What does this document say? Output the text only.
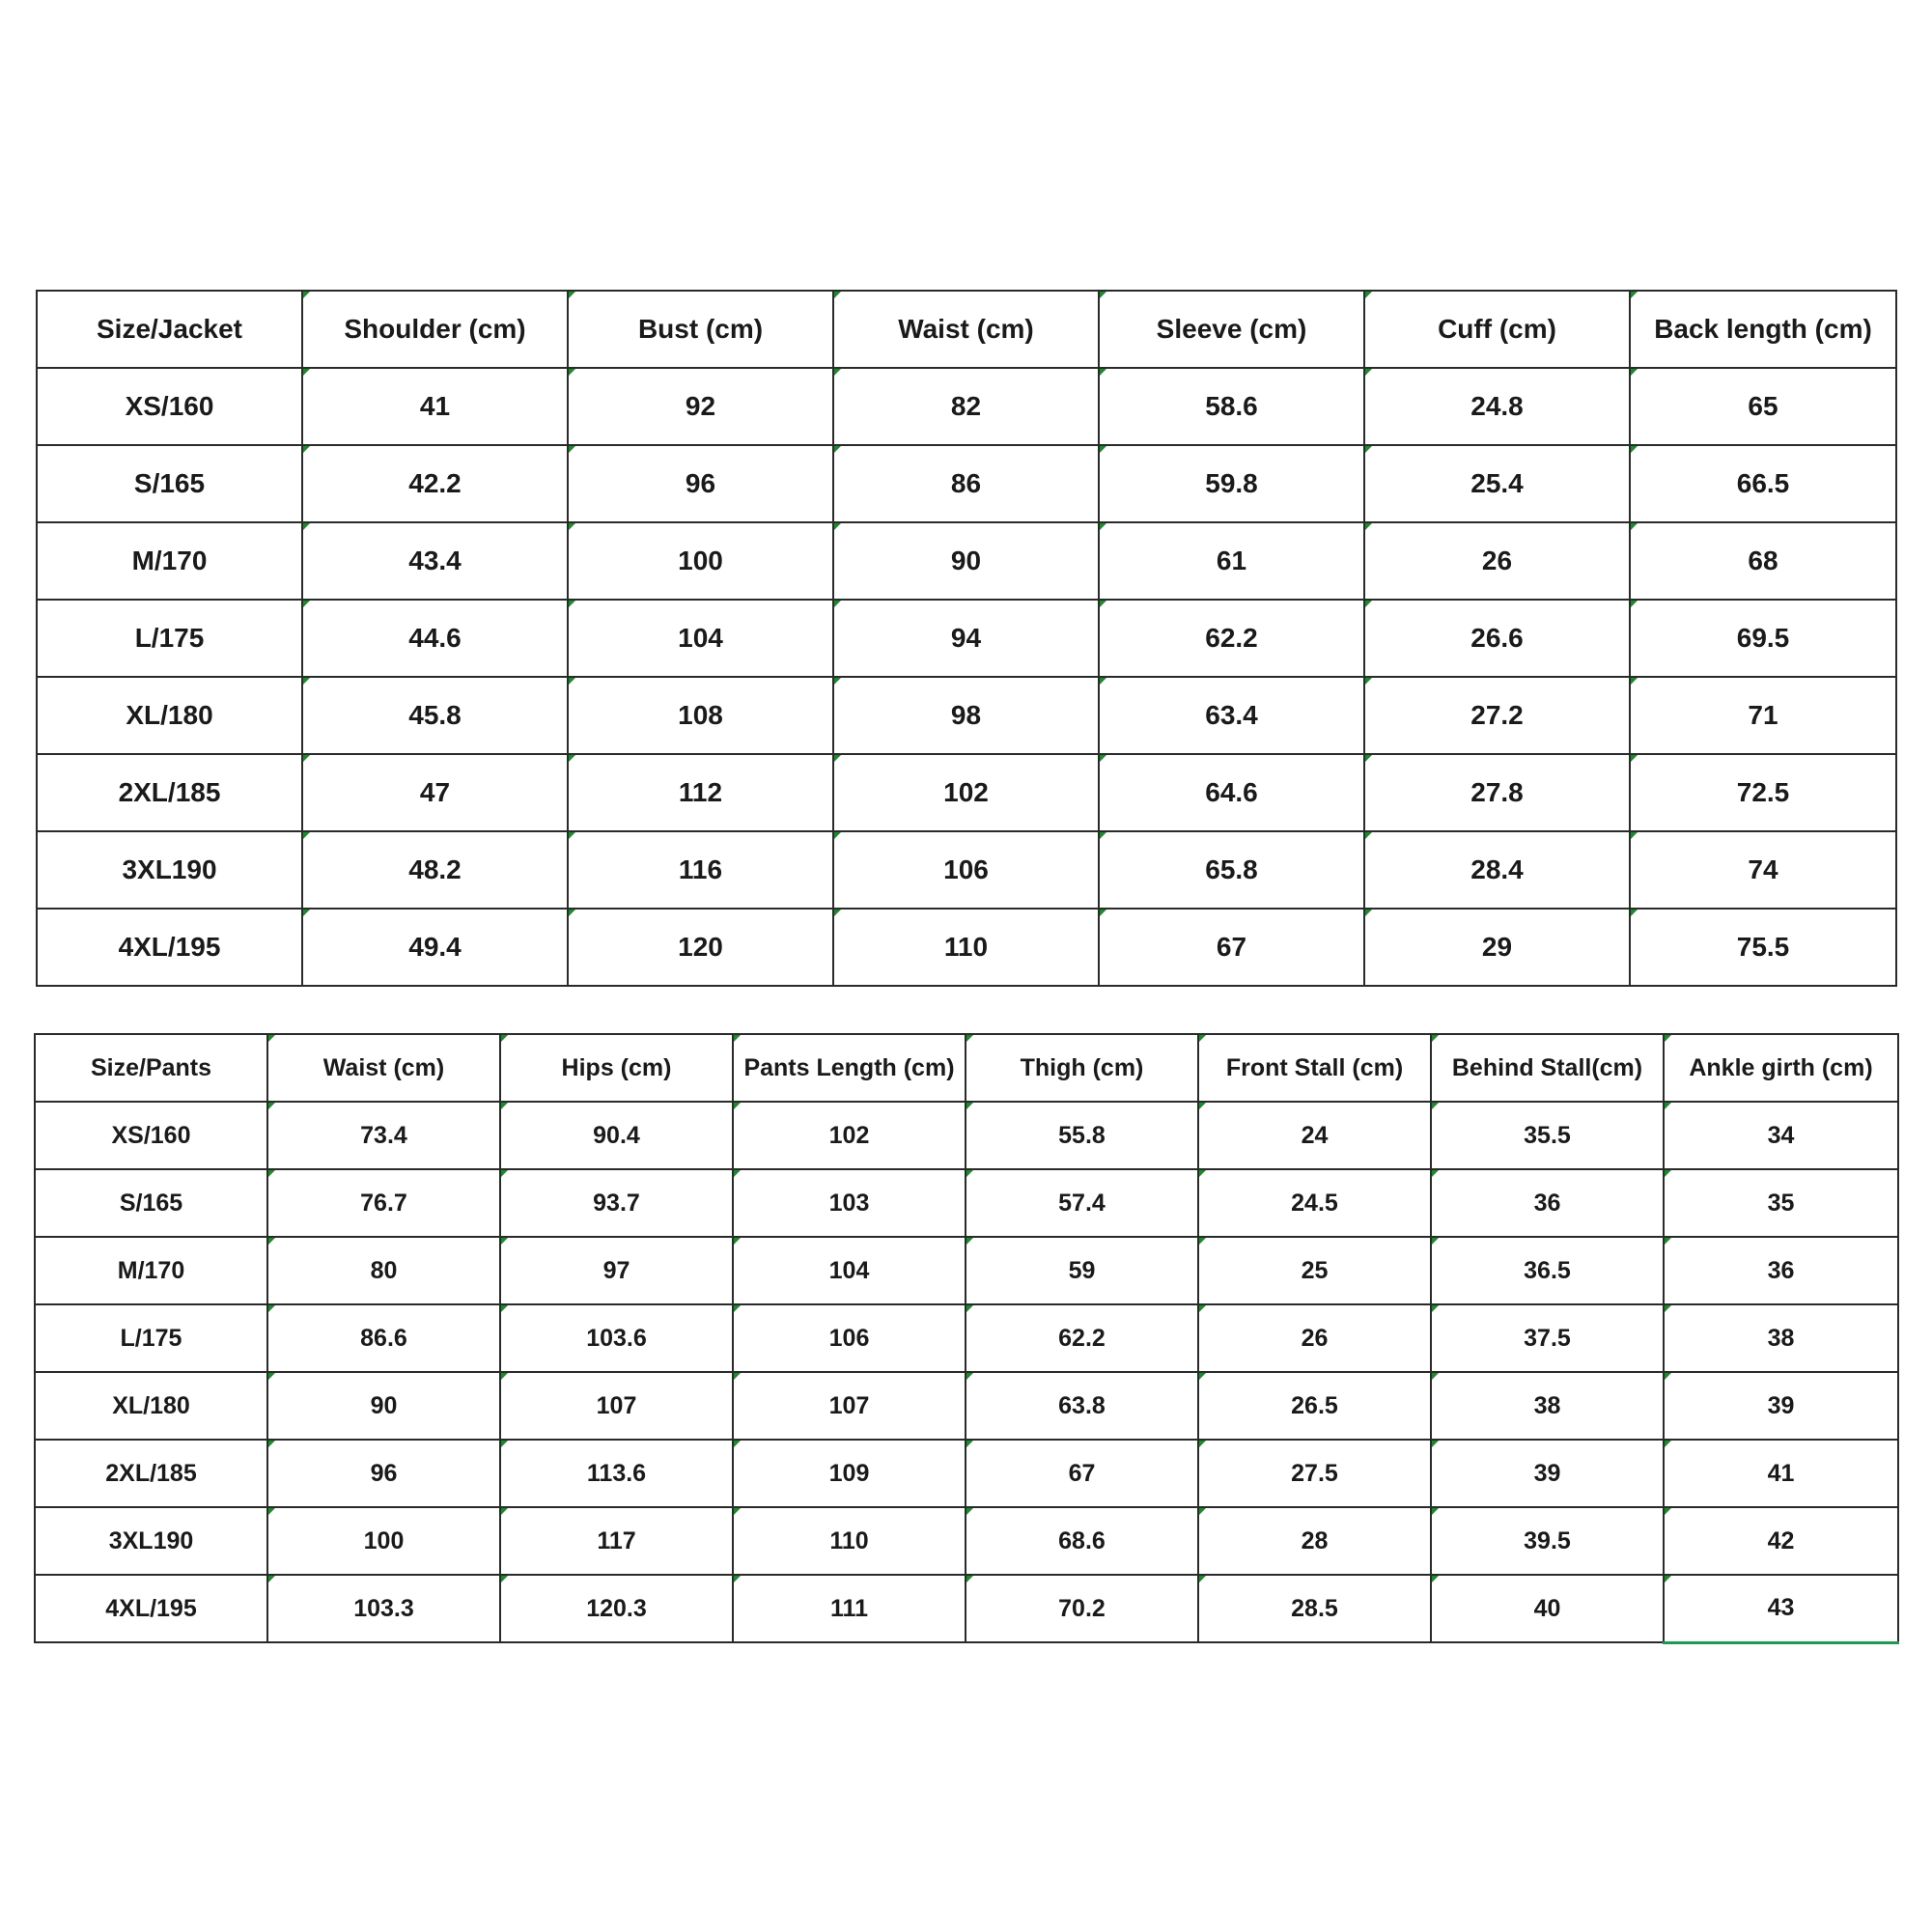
Size/Jacket	Shoulder (cm)	Bust (cm)	Waist (cm)	Sleeve (cm)	Cuff (cm)	Back length (cm)
XS/160	41	92	82	58.6	24.8	65
S/165	42.2	96	86	59.8	25.4	66.5
M/170	43.4	100	90	61	26	68
L/175	44.6	104	94	62.2	26.6	69.5
XL/180	45.8	108	98	63.4	27.2	71
2XL/185	47	112	102	64.6	27.8	72.5
3XL190	48.2	116	106	65.8	28.4	74
4XL/195	49.4	120	110	67	29	75.5
Size/Pants	Waist (cm)	Hips (cm)	Pants Length (cm)	Thigh (cm)	Front Stall (cm)	Behind Stall(cm)	Ankle girth (cm)
XS/160	73.4	90.4	102	55.8	24	35.5	34
S/165	76.7	93.7	103	57.4	24.5	36	35
M/170	80	97	104	59	25	36.5	36
L/175	86.6	103.6	106	62.2	26	37.5	38
XL/180	90	107	107	63.8	26.5	38	39
2XL/185	96	113.6	109	67	27.5	39	41
3XL190	100	117	110	68.6	28	39.5	42
4XL/195	103.3	120.3	111	70.2	28.5	40	43
